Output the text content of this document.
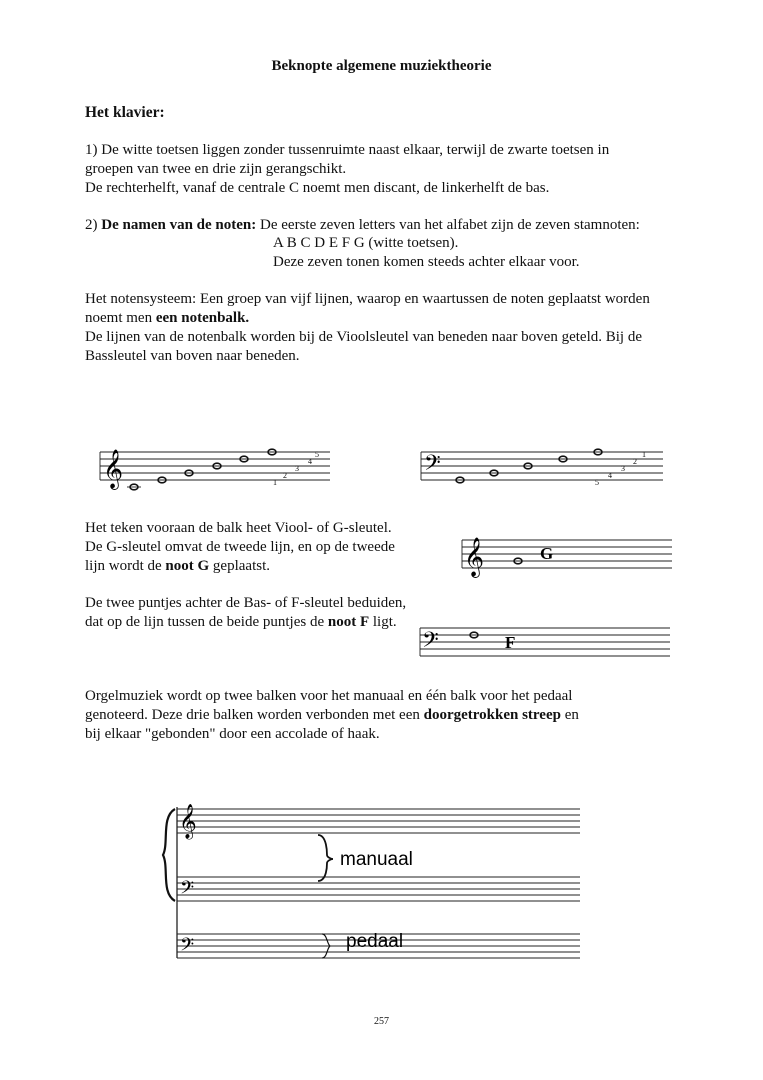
Beknopte algemene muziektheorie
Het klavier:
1) De witte toetsen liggen zonder tussenruimte naast elkaar, terwijl de zwarte toetsen in
groepen van twee en drie zijn gerangschikt.
De rechterhelft, vanaf de centrale C noemt men discant, de linkerhelft de bas.
2) De namen van de noten: De eerste zeven letters van het alfabet zijn de zeven stamnoten:
A B C D E F G (witte toetsen).
Deze zeven tonen komen steeds achter elkaar voor.
Het notensysteem: Een groep van vijf lijnen, waarop en waartussen de noten geplaatst worden
noemt men een notenbalk.
De lijnen van de notenbalk worden bij de Vioolsleutel van beneden naar boven geteld. Bij de
Bassleutel van boven naar beneden.
𝄞	1
2
3
4
5	𝄢
5
4
3
2
1
Het teken vooraan de balk heet Viool- of G-sleutel.
De G-sleutel omvat de tweede lijn, en op de tweede
lijn wordt de noot G geplaatst.	𝄞	G
De twee puntjes achter de Bas- of F-sleutel beduiden,
dat op de lijn tussen de beide puntjes de noot F ligt.
𝄢	F
Orgelmuziek wordt op twee balken voor het manuaal en één balk voor het pedaal
genoteerd. Deze drie balken worden verbonden met een doorgetrokken streep en
bij elkaar "gebonden" door een accolade of haak.
𝄞
𝄢
𝄢
manuaal
pedaal
257
